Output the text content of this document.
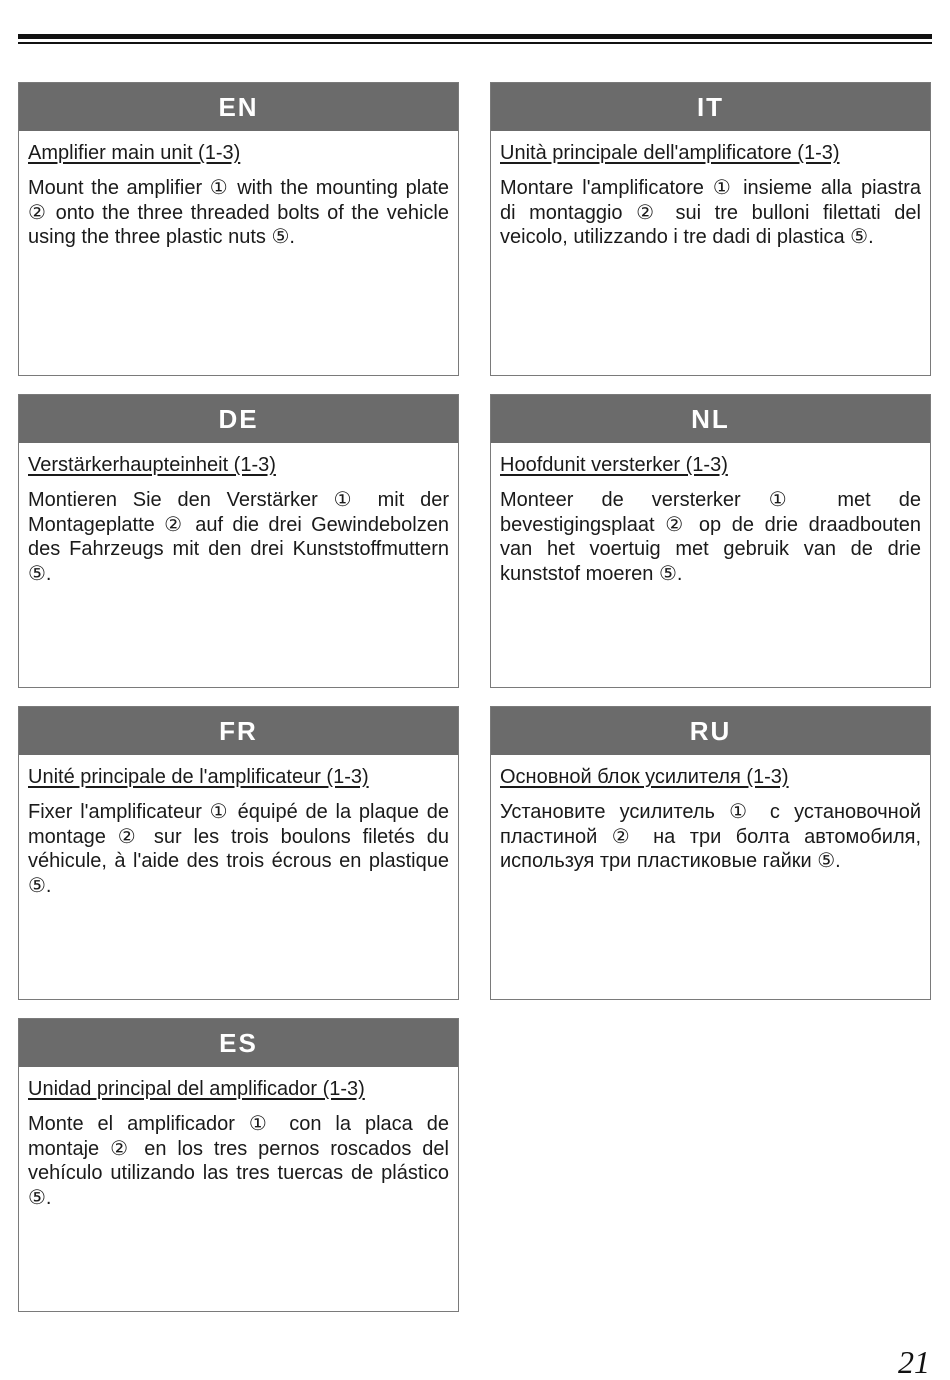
EN

Amplifier main unit (1-3)

Mount the amplifier ① with the mounting plate ② onto the three threaded bolts of the vehicle using the three plastic nuts ⑤.

IT

Unità principale dell'amplificatore (1-3)

Montare l'amplificatore ① insieme alla piastra di montaggio ② sui tre bulloni filettati del veicolo, utilizzando i tre dadi di plastica ⑤.

DE

Verstärkerhaupteinheit (1-3)

Montieren Sie den Verstärker ① mit der Montageplatte ② auf die drei Gewindebolzen des Fahrzeugs mit den drei Kunststoffmuttern ⑤.

NL

Hoofdunit versterker (1-3)

Monteer de versterker ① met de bevestigingsplaat ② op de drie draadbouten van het voertuig met gebruik van de drie kunststof moeren ⑤.

FR

Unité principale de l'amplificateur (1-3)

Fixer l'amplificateur ① équipé de la plaque de montage ② sur les trois boulons filetés du véhicule, à l'aide des trois écrous en plastique ⑤.

RU

Основной блок усилителя (1-3)

Установите усилитель ① с установочной пластиной ② на три болта автомобиля, используя три пластиковые гайки ⑤.

ES

Unidad principal del amplificador (1-3)

Monte el amplificador ① con la placa de montaje ② en los tres pernos roscados del vehículo utilizando las tres tuercas de plástico ⑤.

21
